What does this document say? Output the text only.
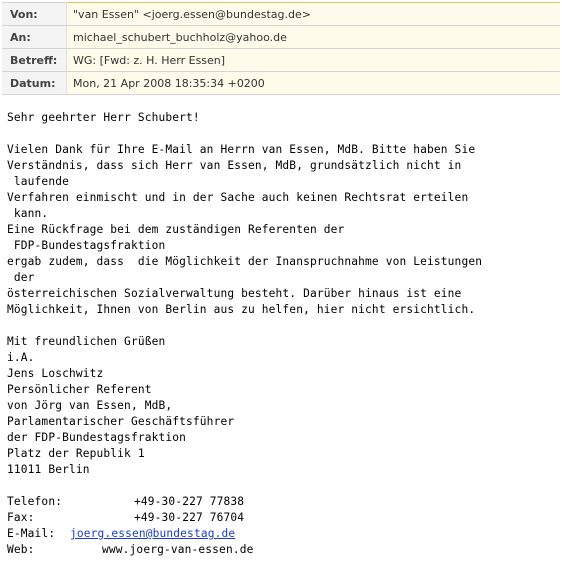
Von:	"van Essen" <joerg.essen@bundestag.de>
An:	michael_schubert_buchholz@yahoo.de
Betreff:	WG: [Fwd: z. H. Herr Essen]
Datum:	Mon, 21 Apr 2008 18:35:34 +0200
Sehr geehrter Herr Schubert!
Vielen Dank für Ihre E-Mail an Herrn van Essen, MdB. Bitte haben Sie
Verständnis, dass sich Herr van Essen, MdB, grundsätzlich nicht in
laufende
Verfahren einmischt und in der Sache auch keinen Rechtsrat erteilen
kann.
Eine Rückfrage bei dem zuständigen Referenten der
FDP-Bundestagsfraktion
ergab zudem, dass  die Möglichkeit der Inanspruchnahme von Leistungen
der
österreichischen Sozialverwaltung besteht. Darüber hinaus ist eine
Möglichkeit, Ihnen von Berlin aus zu helfen, hier nicht ersichtlich.
Mit freundlichen Grüßen
i.A.
Jens Loschwitz
Persönlicher Referent
von Jörg van Essen, MdB,
Parlamentarischer Geschäftsführer
der FDP-Bundestagsfraktion
Platz der Republik 1
11011 Berlin
Telefon:	+49-30-227 77838
Fax:	+49-30-227 76704
E-Mail: joerg.essen@bundestag.de
Web:	www.joerg-van-essen.de
